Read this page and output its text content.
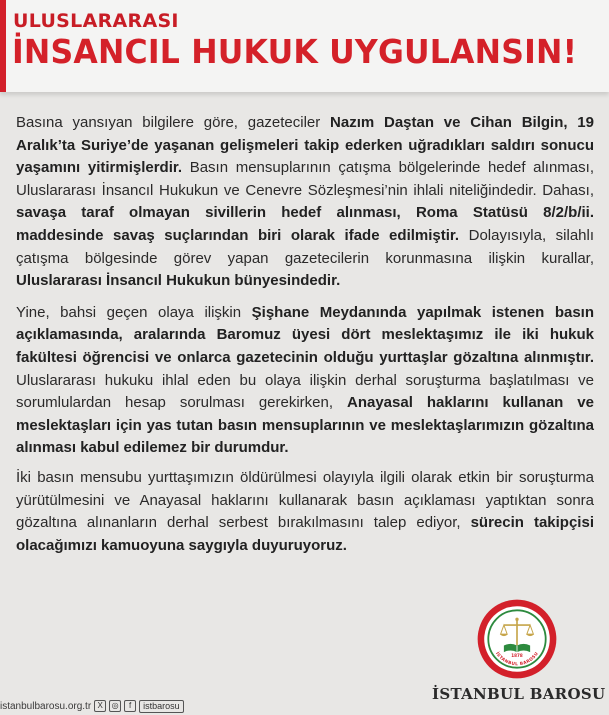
ULUSLARARASI
İNSANCIL HUKUK UYGULANSIN!

Basına yansıyan bilgilere göre, gazeteciler Nazım Daştan ve Cihan Bilgin, 19 Aralık’ta Suriye’de yaşanan gelişmeleri takip ederken uğradıkları saldırı sonucu yaşamını yitirmişlerdir. Basın mensuplarının çatışma bölgelerinde hedef alınması, Uluslararası İnsancıl Hukukun ve Cenevre Sözleşmesi’nin ihlali niteliğindedir. Dahası, savaşa taraf olmayan sivillerin hedef alınması, Roma Statüsü 8/2/b/ii. maddesinde savaş suçlarından biri olarak ifade edilmiştir. Dolayısıyla, silahlı çatışma bölgesinde görev yapan gazetecilerin korunmasına ilişkin kurallar, Uluslararası İnsancıl Hukukun bünyesindedir.

Yine, bahsi geçen olaya ilişkin Şişhane Meydanında yapılmak istenen basın açıklamasında, aralarında Baromuz üyesi dört meslektaşımız ile iki hukuk fakültesi öğrencisi ve onlarca gazetecinin olduğu yurttaşlar gözaltına alınmıştır. Uluslararası hukuku ihlal eden bu olaya ilişkin derhal soruşturma başlatılması ve sorumlulardan hesap sorulması gerekirken, Anayasal haklarını kullanan ve meslektaşları için yas tutan basın mensuplarının ve meslektaşlarımızın gözaltına alınması kabul edilemez bir durumdur.

İki basın mensubu yurttaşımızın öldürülmesi olayıyla ilgili olarak etkin bir soruşturma yürütülmesini ve Anayasal haklarını kullanarak basın açıklaması yaptıktan sonra gözaltına alınanların derhal serbest bırakılmasını talep ediyor, sürecin takipçisi olacağımızı kamuoyuna saygıyla duyuruyoruz.

1878
İSTANBUL BAROSU
İSTANBUL BAROSU
istanbulbarosu.org.tr X	◎	f	istbarosu
